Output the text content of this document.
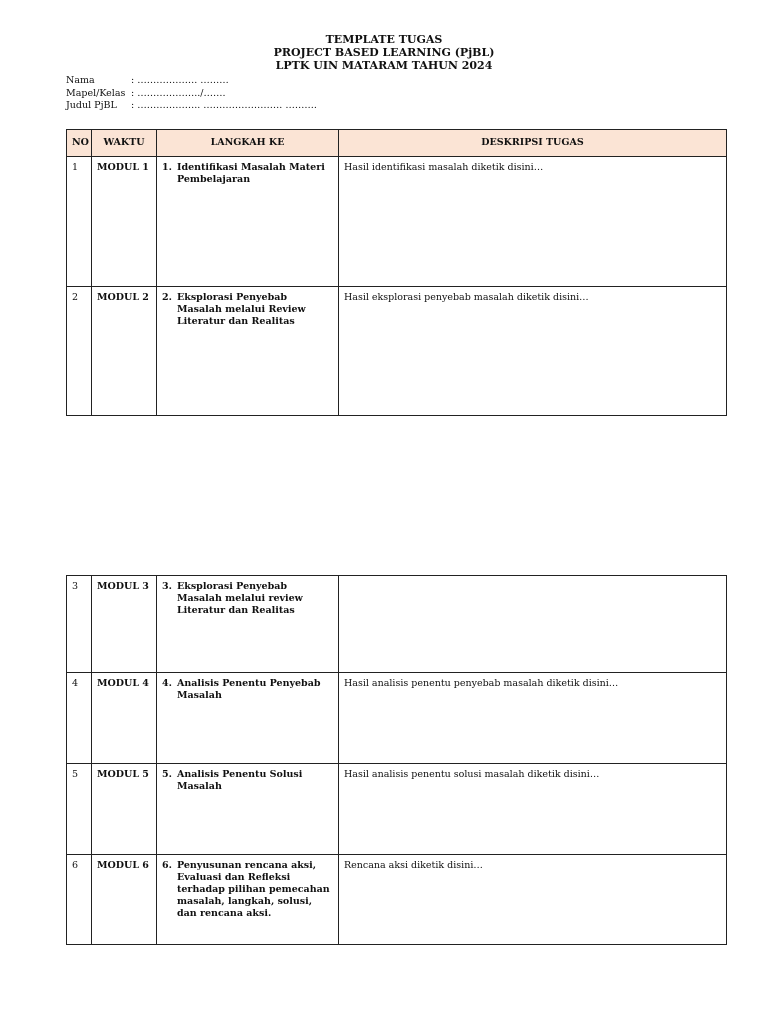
TEMPLATE TUGAS
PROJECT BASED LEARNING (PjBL)
LPTK UIN MATARAM TAHUN 2024
Nama	: ………………. ………
Mapel/Kelas : ………………../…….
Judul PjBL	: ……………….. ……………………. ……….
NO	WAKTU	LANGKAH KE	DESKRIPSI TUGAS
1	MODUL 1	1. Identifikasi Masalah Materi Pembelajaran	Hasil identifikasi masalah diketik disini…
2	MODUL 2	2. Eksplorasi Penyebab Masalah melalui Review Literatur dan Realitas	Hasil eksplorasi penyebab masalah diketik disini…
3	MODUL 3	3. Eksplorasi Penyebab Masalah melalui review Literatur dan Realitas	

4	MODUL 4	4. Analisis Penentu Penyebab Masalah	Hasil analisis penentu penyebab masalah diketik disini…
5	MODUL 5	5. Analisis Penentu Solusi Masalah	Hasil analisis penentu solusi masalah diketik disini…
6	MODUL 6	6. Penyusunan rencana aksi, Evaluasi dan Refleksi terhadap pilihan pemecahan masalah, langkah, solusi, dan rencana aksi.	Rencana aksi diketik disini…
